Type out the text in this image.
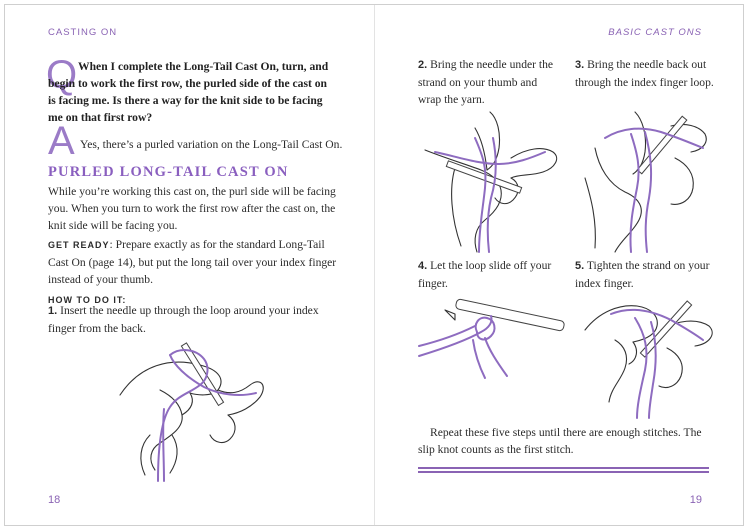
CASTING ON	BASIC CAST ONS
Q When I complete the Long-Tail Cast On, turn, and begin to work the first row, the purled side of the cast on is facing me. Is there a way for the knit side to be facing me on that first row?
A Yes, there’s a purled variation on the Long-Tail Cast On.
PURLED LONG-TAIL CAST ON
While you’re working this cast on, the purl side will be facing you. When you turn to work the first row after the cast on, the knit side will be facing you.
GET READY: Prepare exactly as for the standard Long-Tail Cast On (page 14), but put the long tail over your index finger instead of your thumb.
HOW TO DO IT:
1. Insert the needle up through the loop around your index finger from the back.
2. Bring the needle under the strand on your thumb and wrap the yarn.
3. Bring the needle back out through the index finger loop.
4. Let the loop slide off your finger.
5. Tighten the strand on your index finger.
Repeat these five steps until there are enough stitches. The slip knot counts as the first stitch.
18	19
